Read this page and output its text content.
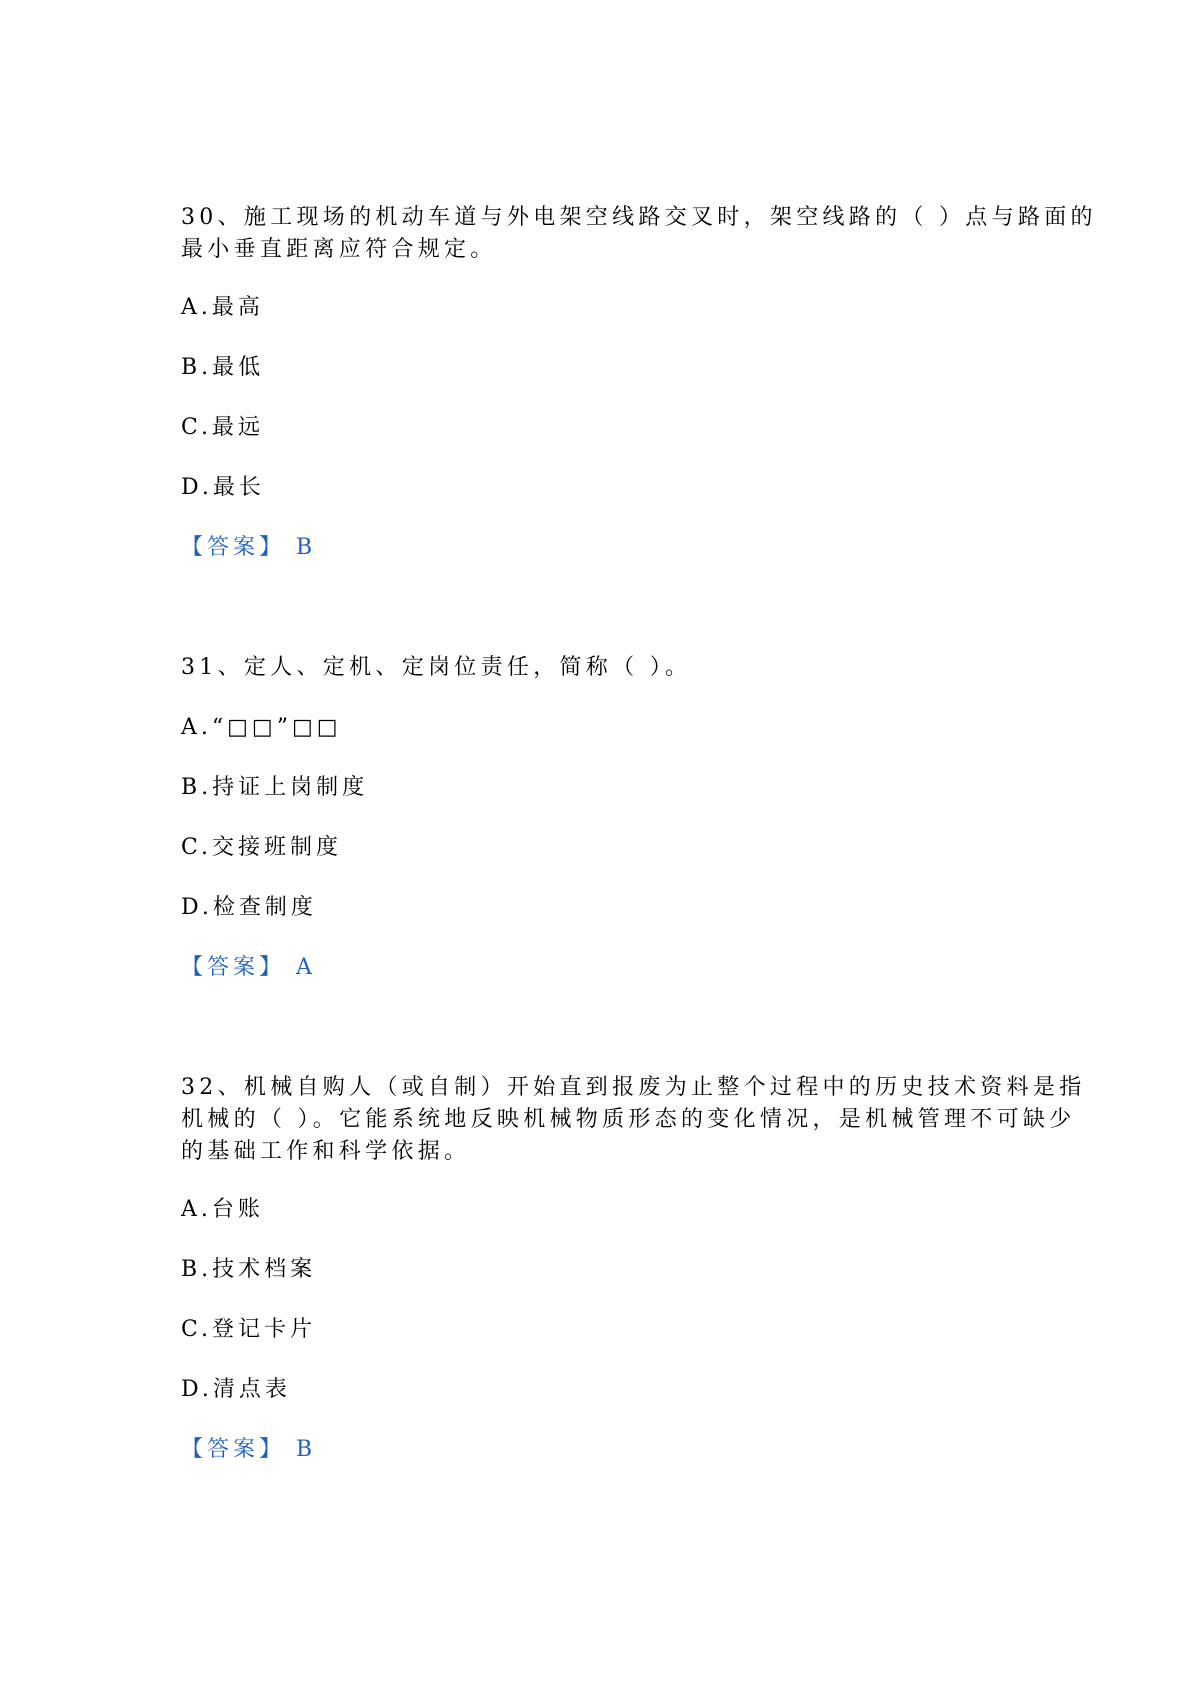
30、施工现场的机动车道与外电架空线路交叉时，架空线路的（ ）点与路面的
最小垂直距离应符合规定。
A.最高
B.最低
C.最远
D.最长
【答案】 B
31、定人、定机、定岗位责任，简称（ ）。
A.“□□”□□
B.持证上岗制度
C.交接班制度
D.检查制度
【答案】 A
32、机械自购人（或自制）开始直到报废为止整个过程中的历史技术资料是指
机械的（ ）。它能系统地反映机械物质形态的变化情况，是机械管理不可缺少
的基础工作和科学依据。
A.台账
B.技术档案
C.登记卡片
D.清点表
【答案】 B
